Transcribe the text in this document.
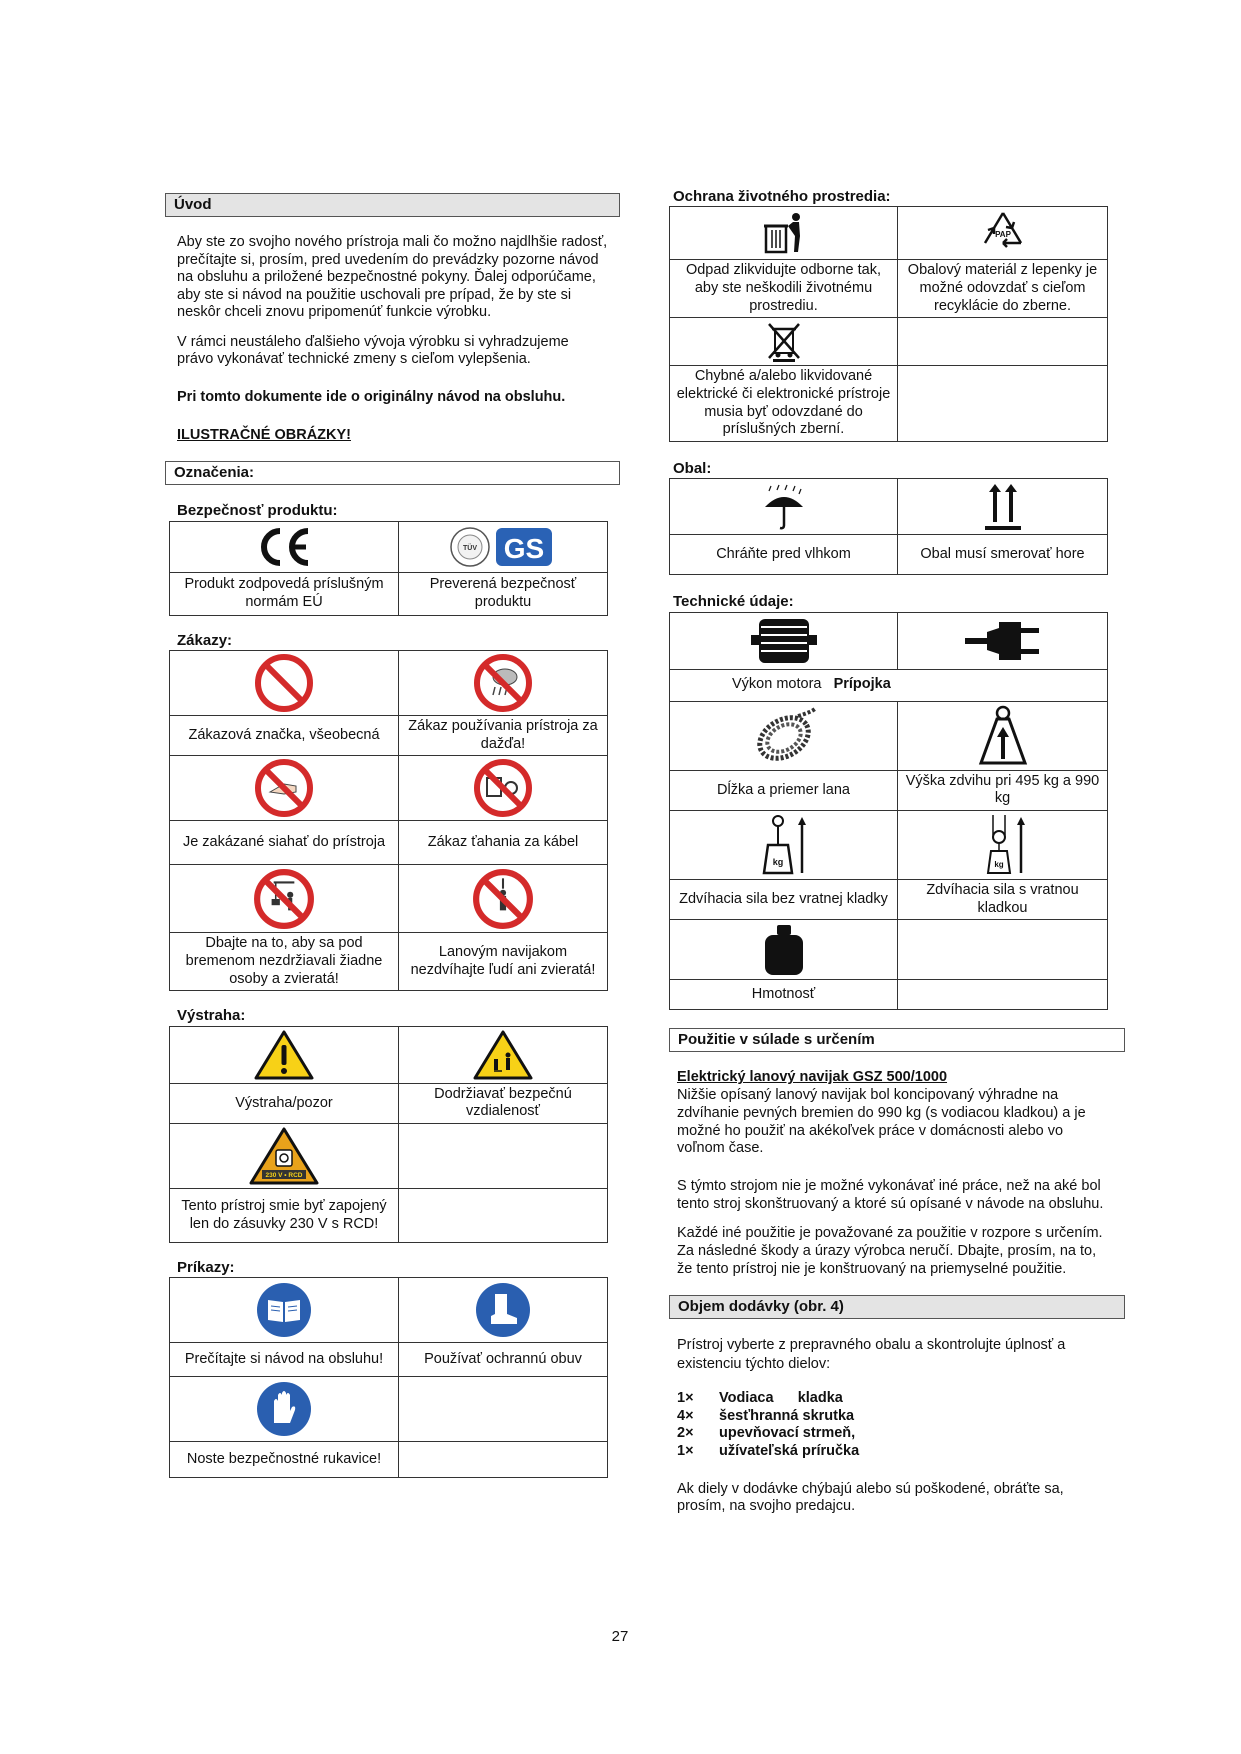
Úvod

Aby ste zo svojho nového prístroja mali čo možno najdlhšie radosť, prečítajte si, prosím, pred uvedením do prevádzky pozorne návod na obsluhu a priložené bezpečnostné pokyny. Ďalej odporúčame, aby ste si návod na použitie uschovali pre prípad, že by ste si neskôr chceli znovu pripomenúť funkcie výrobku.

V rámci neustáleho ďalšieho vývoja výrobku si vyhradzujeme právo vykonávať technické zmeny s cieľom vylepšenia.

Pri tomto dokumente ide o originálny návod na obsluhu.

ILUSTRAČNÉ OBRÁZKY!

Označenia:
Bezpečnosť produktu:

TÜV GS

Produkt zodpovedá príslušným normám EÚ	Preverená bezpečnosť produktu
Zákazy:

Zákazová značka, všeobecná	Zákaz používania prístroja za dažďa!

Je zakázané siahať do prístroja	Zákaz ťahania za kábel

Dbajte na to, aby sa pod bremenom nezdržiavali žiadne osoby a zvieratá!	Lanovým navijakom nezdvíhajte ľudí ani zvieratá!
Výstraha:

Výstraha/pozor	Dodržiavať bezpečnú vzdialenosť

230 V • RCD	

Tento prístroj smie byť zapojený len do zásuvky 230 V s RCD!	
Príkazy:

Prečítajte si návod na obsluhu!	Používať ochrannú obuv

Noste bezpečnostné rukavice!	
Ochrana životného prostredia:

PAP

Odpad zlikvidujte odborne tak, aby ste neškodili životnému prostrediu.	Obalový materiál z lepenky je možné odovzdať s cieľom recyklácie do zberne.

Chybné a/alebo likvidované elektrické či elektronické prístroje musia byť odovzdané do príslušných zberní.	
Obal:

Chráňte pred vlhkom	Obal musí smerovať hore
Technické údaje:

Výkon motora Prípojka	

Dĺžka a priemer lana	Výška zdvihu pri 495 kg a 990 kg

kg	kg

Zdvíhacia sila bez vratnej kladky	Zdvíhacia sila s vratnou kladkou

Hmotnosť	
Použitie v súlade s určením

Elektrický lanový navijak GSZ 500/1000

Nižšie opísaný lanový navijak bol koncipovaný výhradne na zdvíhanie pevných bremien do 990 kg (s vodiacou kladkou) a je možné ho použiť na akékoľvek práce v domácnosti alebo vo voľnom čase.

S týmto strojom nie je možné vykonávať iné práce, než na aké bol tento stroj skonštruovaný a ktoré sú opísané v návode na obsluhu.

Každé iné použitie je považované za použitie v rozpore s určením. Za následné škody a úrazy výrobca neručí. Dbajte, prosím, na to, že tento prístroj nie je konštruovaný na priemyselné použitie.

Objem dodávky (obr. 4)

Prístroj vyberte z prepravného obalu a skontrolujte úplnosť a existenciu týchto dielov:

1×	Vodiaca      kladka
4×	šesťhranná skrutka
2×	upevňovací strmeň,
1×	užívateľská príručka

Ak diely v dodávke chýbajú alebo sú poškodené, obráťte sa, prosím, na svojho predajcu.

27
